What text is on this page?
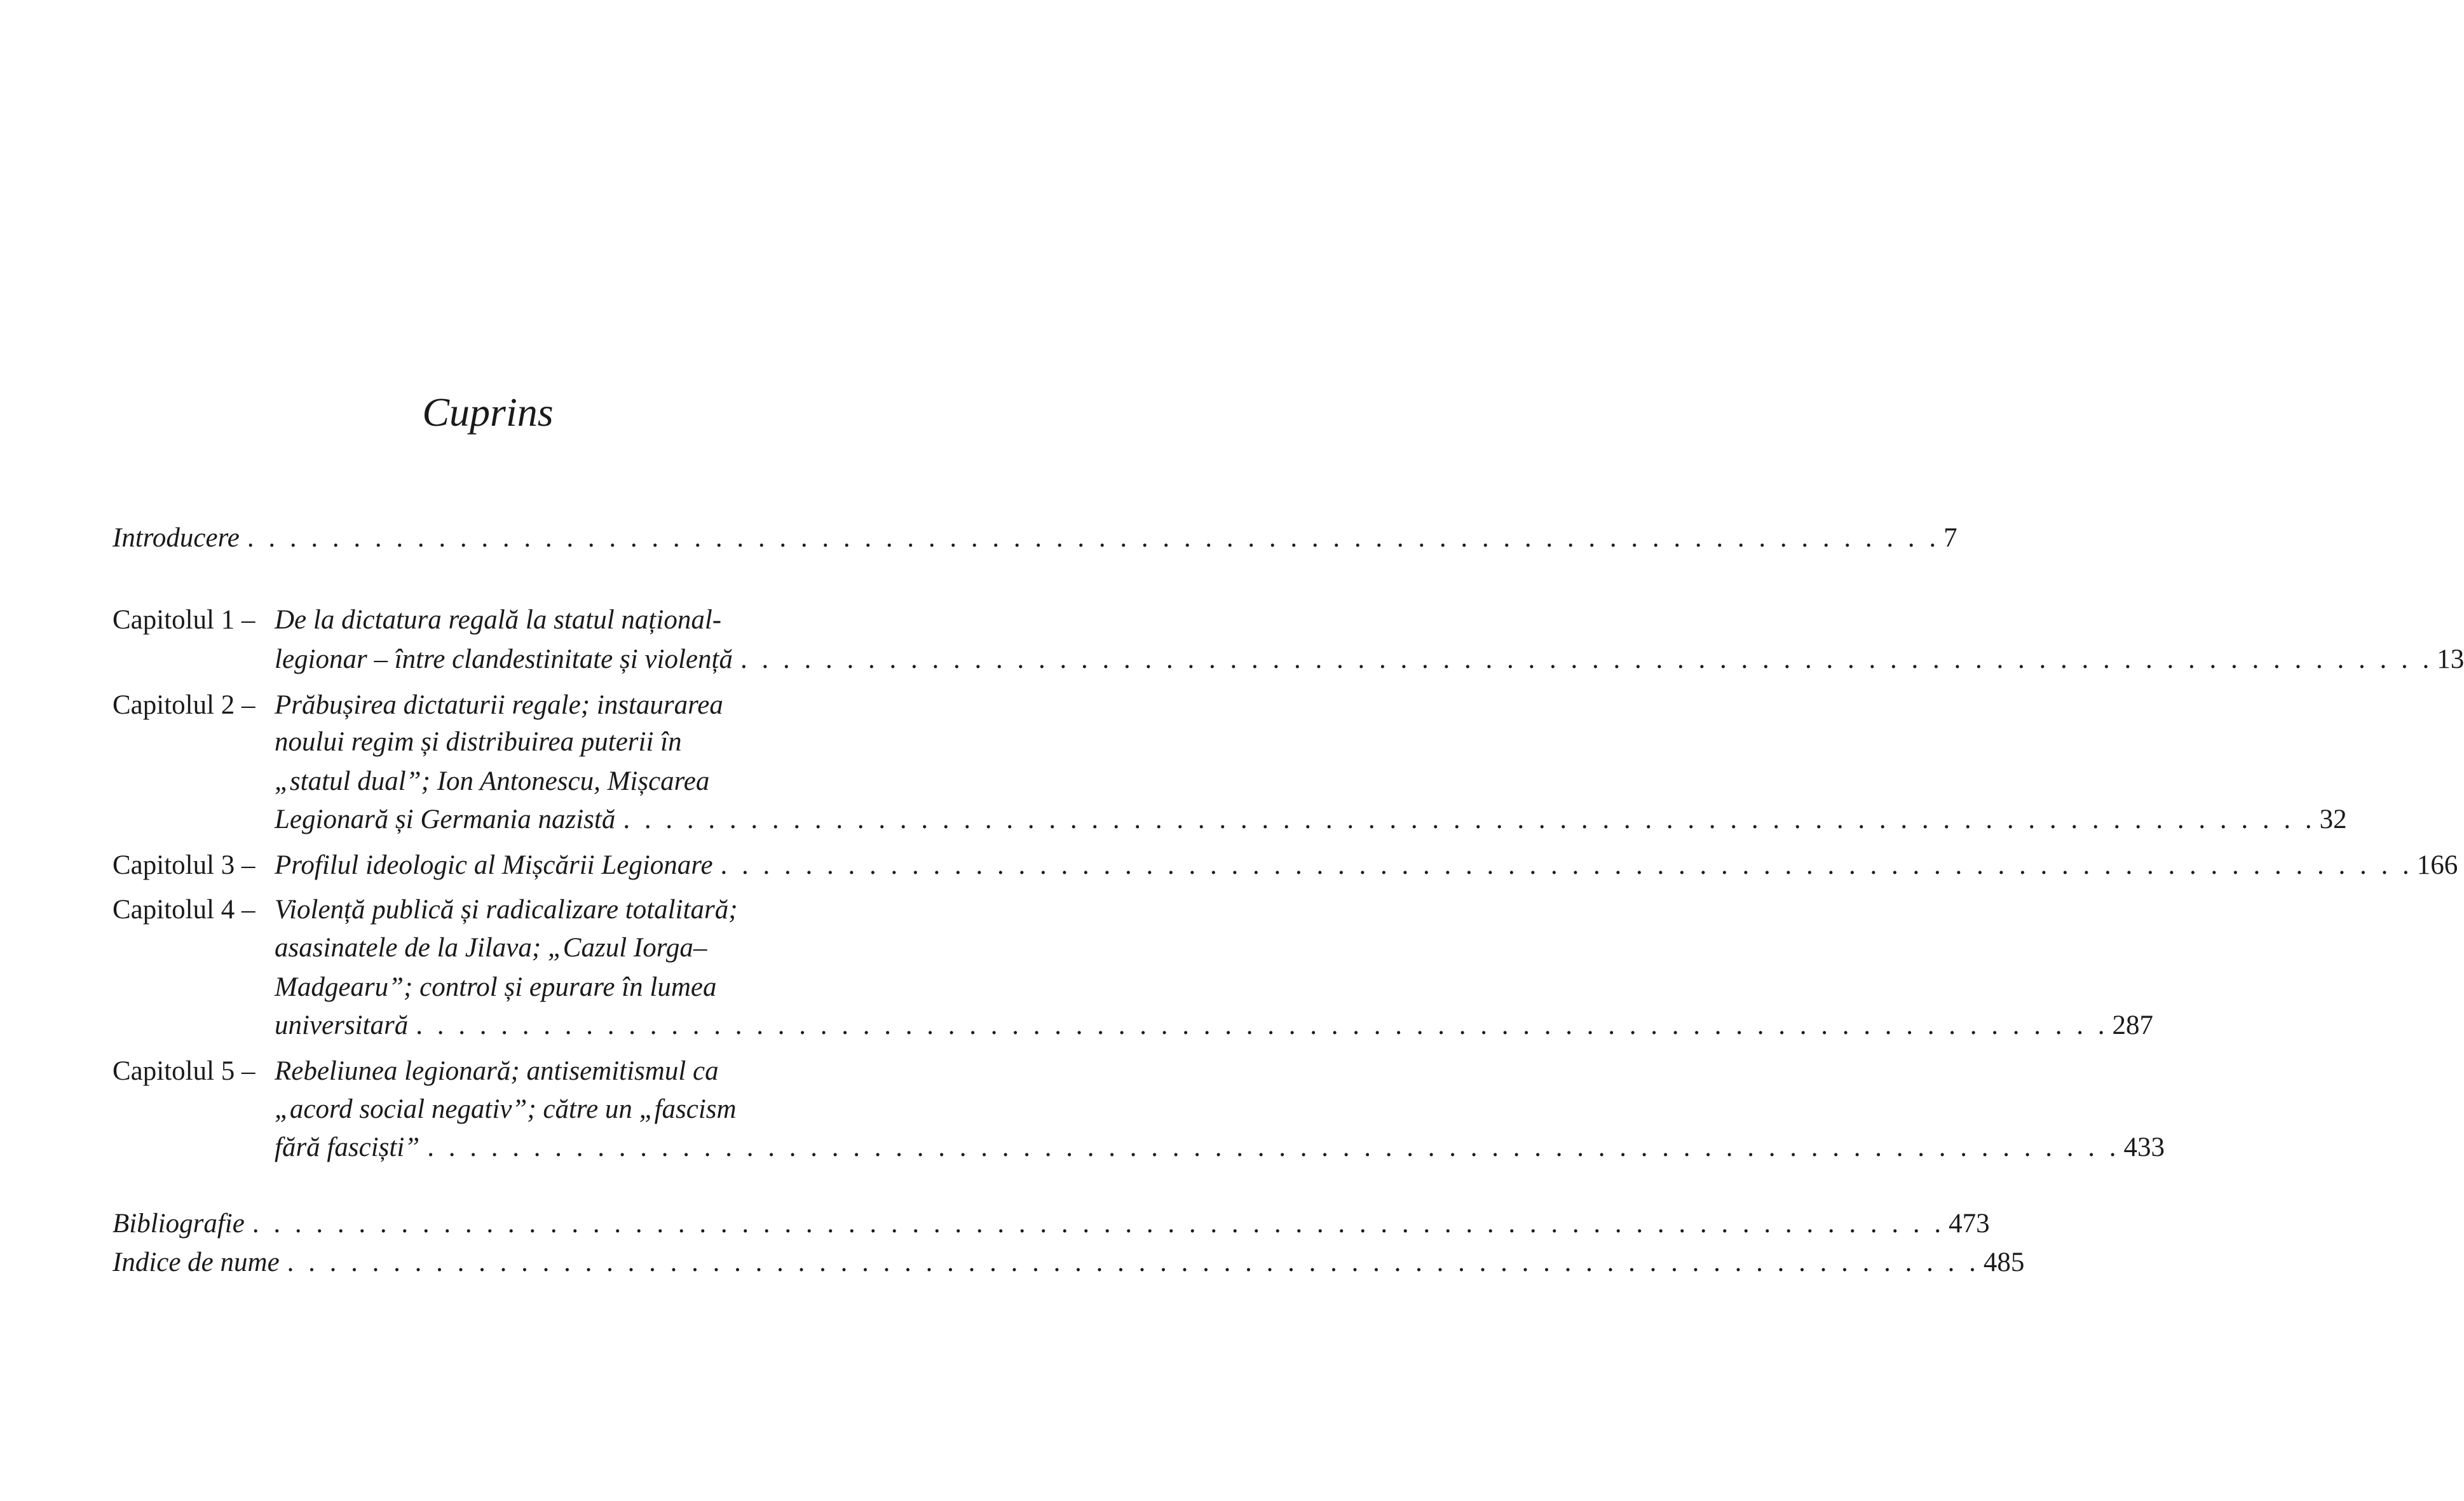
Cuprins
Introducere . . . . . . . . . . . . . . . . . . . . . . . . . . . . . . . . . . . . . . . . . . . . . . . . . . . . . . . . . . . . . . . . . . . . . . . . . . . . . . . . 7
Capitolul 1 – De la dictatura regală la statul național-
legionar – între clandestinitate și violență . . . . . . . . . . . . . . . . . . . . . . . . . . . . . . . . . . . . . . . . . . . . . . . . . . . . . . . . . . . . . . . . . . . . . . . . . . . . . . . . 13
Capitolul 2 – Prăbușirea dictaturii regale; instaurarea
noului regim și distribuirea puterii în
„statul dual”; Ion Antonescu, Mișcarea
Legionară și Germania nazistă . . . . . . . . . . . . . . . . . . . . . . . . . . . . . . . . . . . . . . . . . . . . . . . . . . . . . . . . . . . . . . . . . . . . . . . . . . . . . . . . 32
Capitolul 3 – Profilul ideologic al Mișcării Legionare . . . . . . . . . . . . . . . . . . . . . . . . . . . . . . . . . . . . . . . . . . . . . . . . . . . . . . . . . . . . . . . . . . . . . . . . . . . . . . . . 166
Capitolul 4 – Violență publică și radicalizare totalitară;
asasinatele de la Jilava; „Cazul Iorga–
Madgearu”; control și epurare în lumea
universitară . . . . . . . . . . . . . . . . . . . . . . . . . . . . . . . . . . . . . . . . . . . . . . . . . . . . . . . . . . . . . . . . . . . . . . . . . . . . . . . . 287
Capitolul 5 – Rebeliunea legionară; antisemitismul ca
„acord social negativ”; către un „fascism
fără fasciști” . . . . . . . . . . . . . . . . . . . . . . . . . . . . . . . . . . . . . . . . . . . . . . . . . . . . . . . . . . . . . . . . . . . . . . . . . . . . . . . . 433
Bibliografie . . . . . . . . . . . . . . . . . . . . . . . . . . . . . . . . . . . . . . . . . . . . . . . . . . . . . . . . . . . . . . . . . . . . . . . . . . . . . . . . 473
Indice de nume . . . . . . . . . . . . . . . . . . . . . . . . . . . . . . . . . . . . . . . . . . . . . . . . . . . . . . . . . . . . . . . . . . . . . . . . . . . . . . . . 485
